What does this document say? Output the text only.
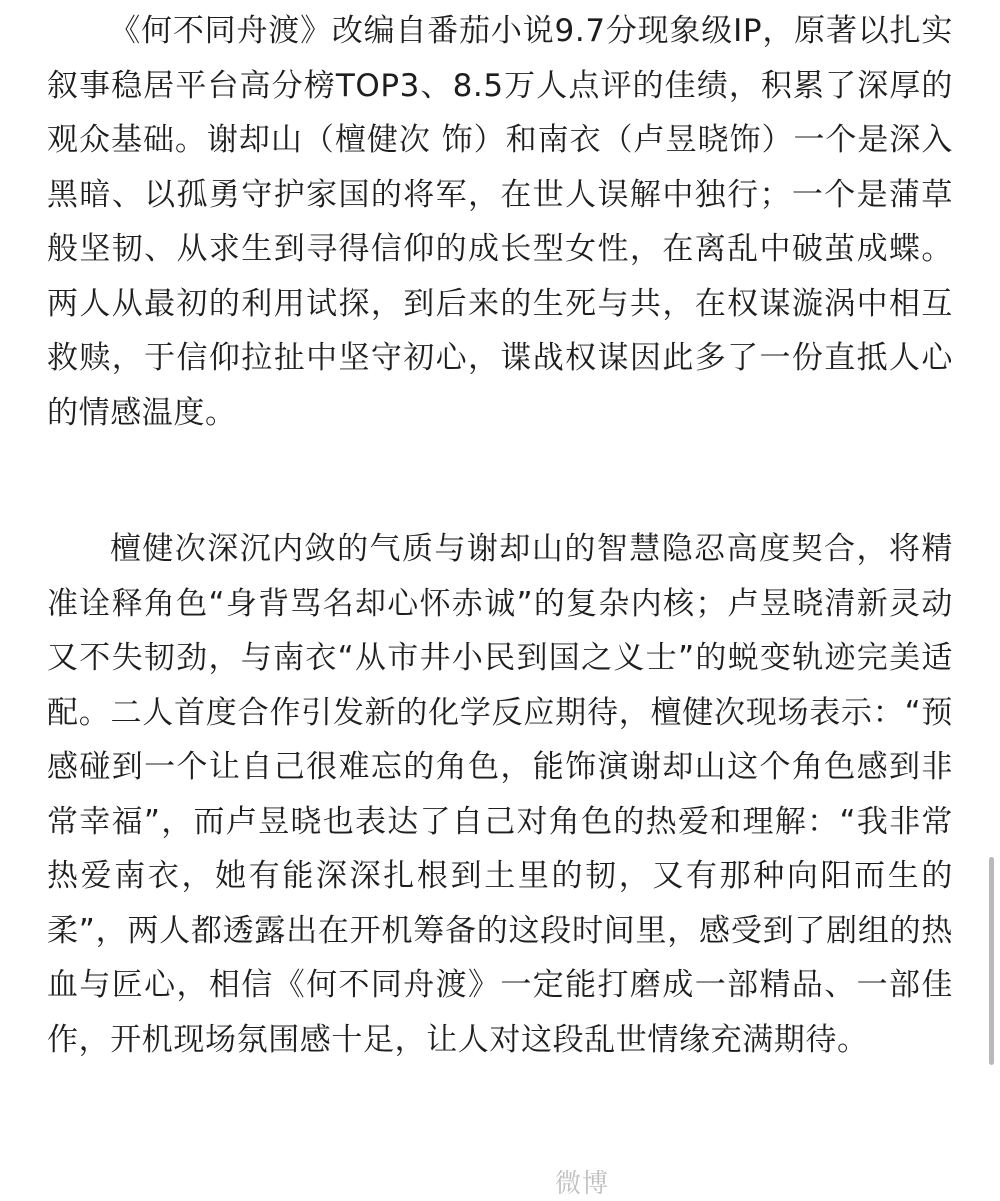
《何不同舟渡》改编自番茄小说9.7分现象级IP，原著以扎实叙事稳居平台高分榜TOP3、8.5万人点评的佳绩，积累了深厚的观众基础。谢却山（檀健次 饰）和南衣（卢昱晓饰）一个是深入黑暗、以孤勇守护家国的将军，在世人误解中独行；一个是蒲草般坚韧、从求生到寻得信仰的成长型女性，在离乱中破茧成蝶。两人从最初的利用试探，到后来的生死与共，在权谋漩涡中相互救赎，于信仰拉扯中坚守初心，谍战权谋因此多了一份直抵人心的情感温度。

檀健次深沉内敛的气质与谢却山的智慧隐忍高度契合，将精准诠释角色“身背骂名却心怀赤诚”的复杂内核；卢昱晓清新灵动又不失韧劲，与南衣“从市井小民到国之义士”的蜕变轨迹完美适配。二人首度合作引发新的化学反应期待，檀健次现场表示：“预感碰到一个让自己很难忘的角色，能饰演谢却山这个角色感到非常幸福”，而卢昱晓也表达了自己对角色的热爱和理解：“我非常热爱南衣，她有能深深扎根到土里的韧，又有那种向阳而生的柔”，两人都透露出在开机筹备的这段时间里，感受到了剧组的热血与匠心，相信《何不同舟渡》一定能打磨成一部精品、一部佳作，开机现场氛围感十足，让人对这段乱世情缘充满期待。

微博
